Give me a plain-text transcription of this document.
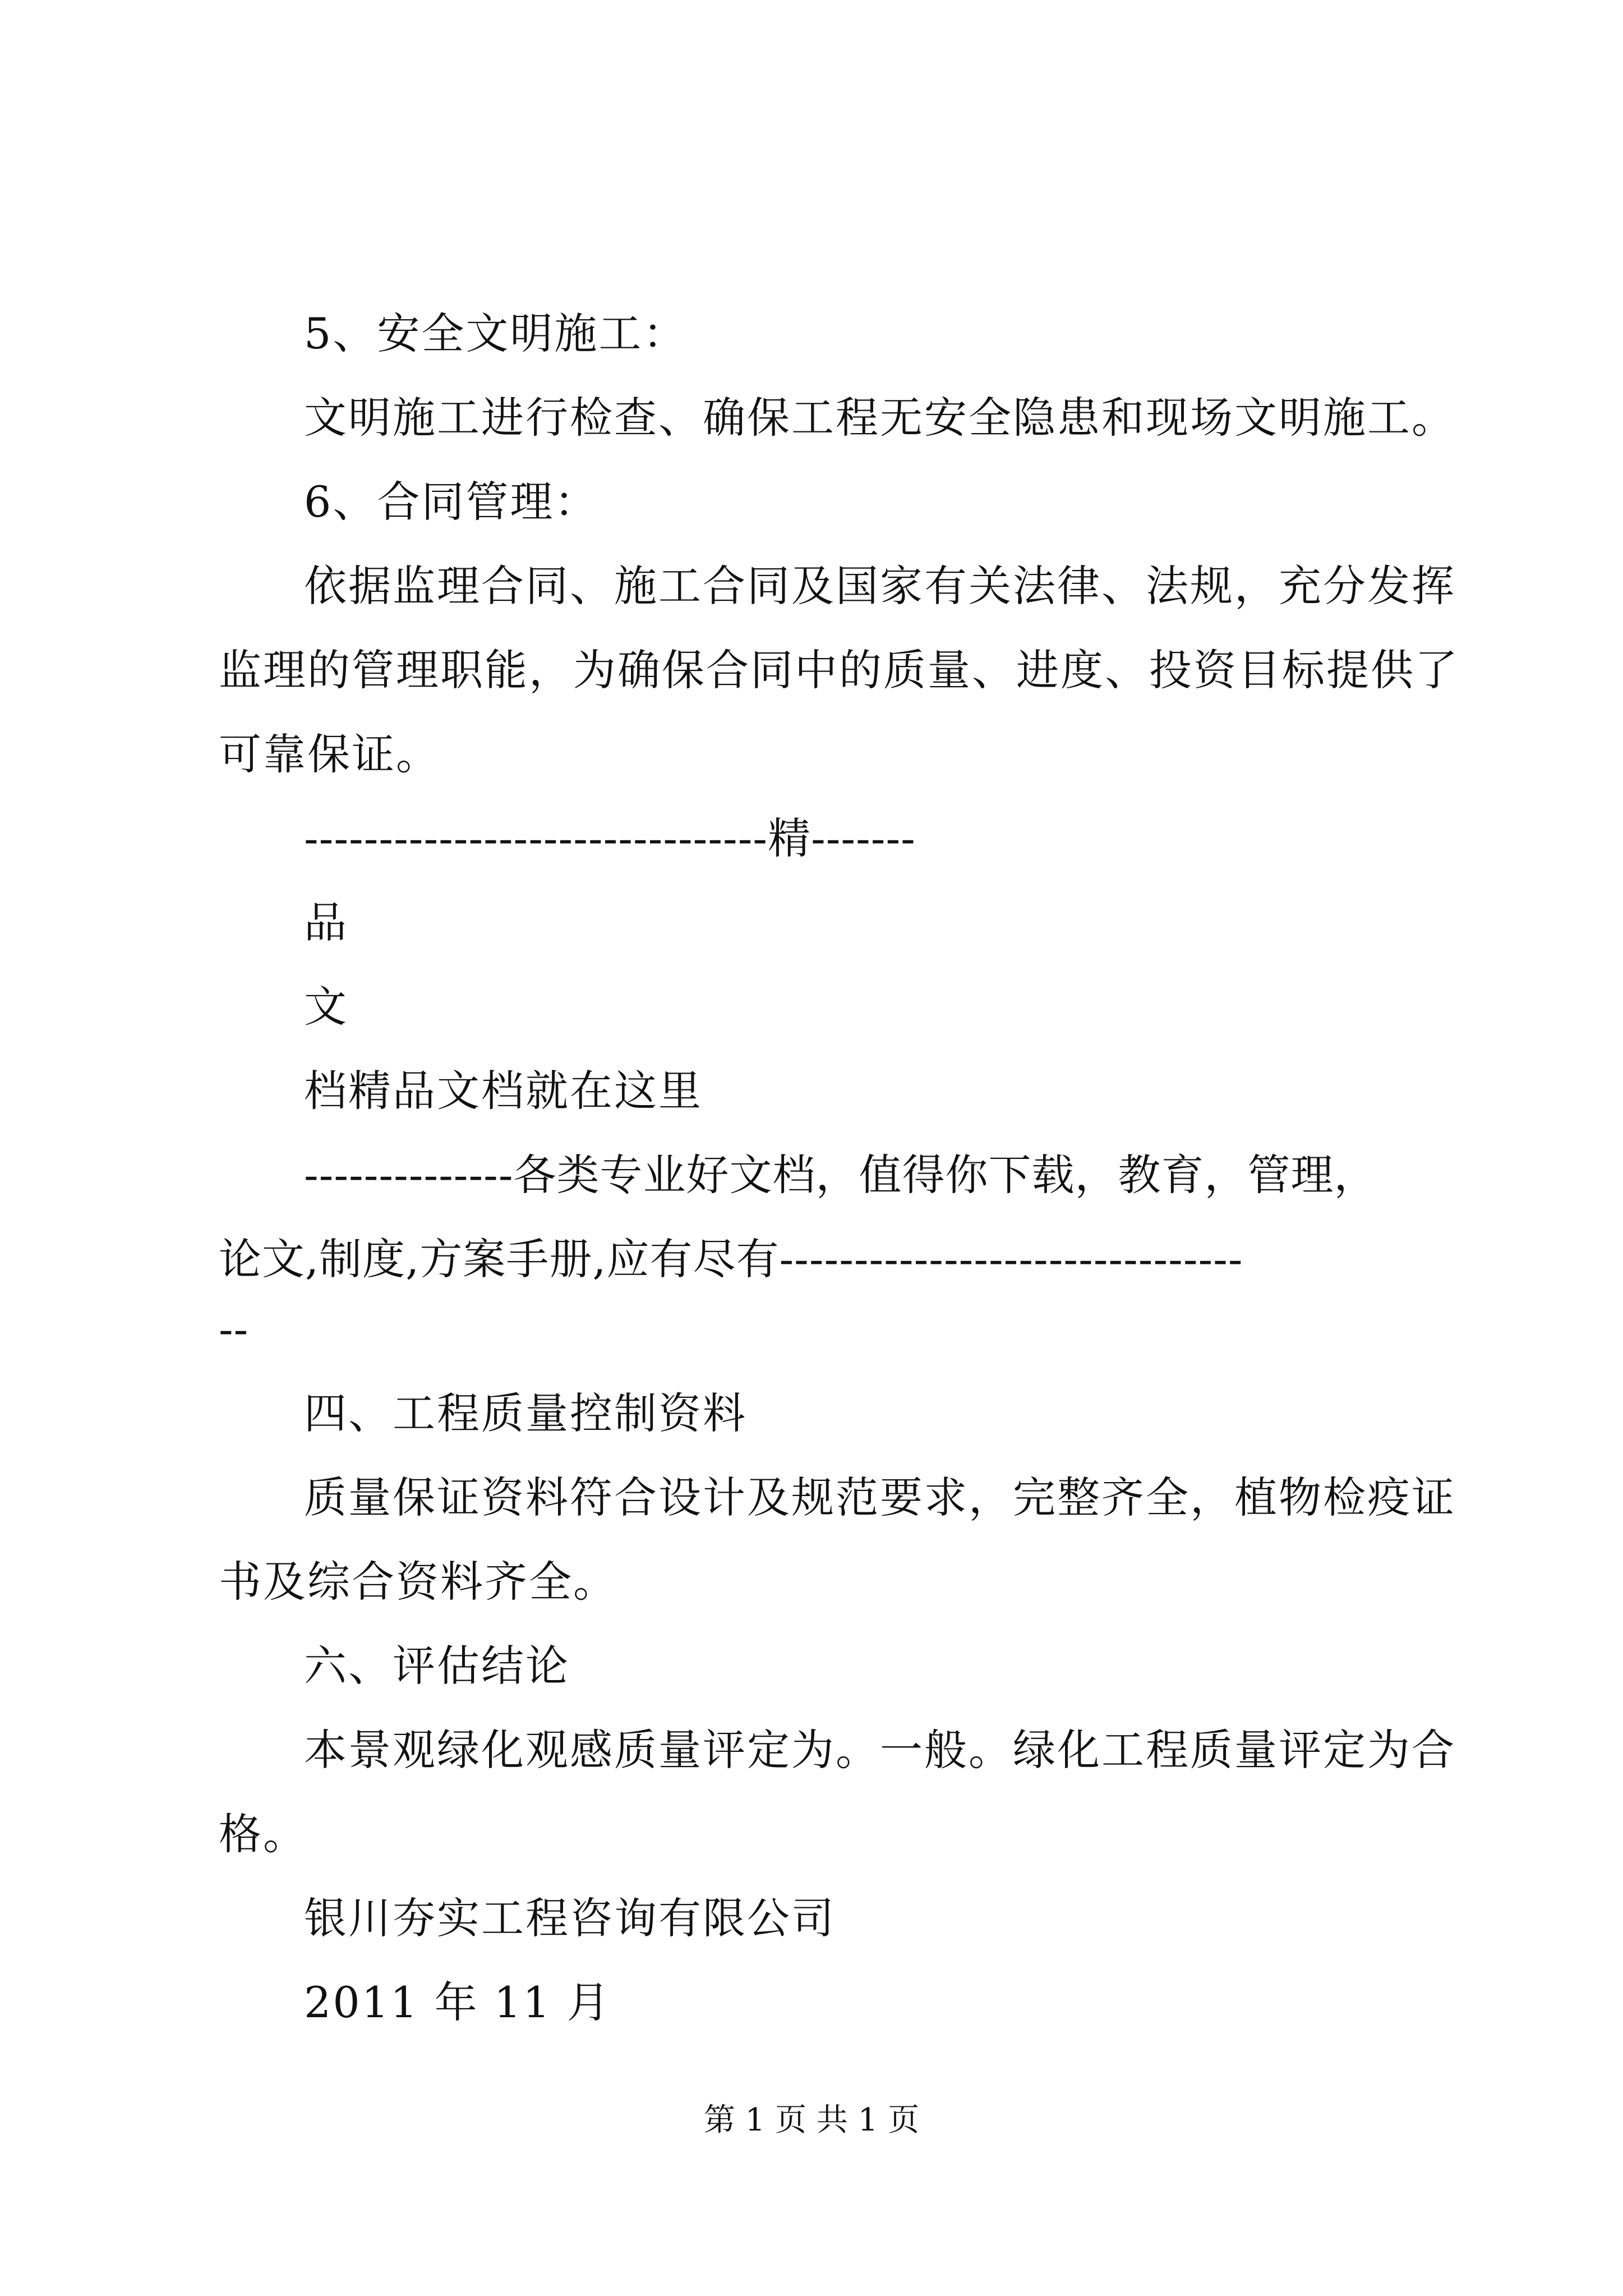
5、安全文明施工：
文明施工进行检查、确保工程无安全隐患和现场文明施工。
6、合同管理：
依据监理合同、施工合同及国家有关法律、法规，充分发挥
监理的管理职能，为确保合同中的质量、进度、投资目标提供了
可靠保证。
-------------------------------精-------
品
文
档精品文档就在这里
--------------各类专业好文档，值得你下载，教育，管理，
论文,制度,方案手册,应有尽有-------------------------------
--
四、工程质量控制资料
质量保证资料符合设计及规范要求，完整齐全，植物检疫证
书及综合资料齐全。
六、评估结论
本景观绿化观感质量评定为。一般。绿化工程质量评定为合
格。
银川夯实工程咨询有限公司
2011 年 11 月
第 1 页 共 1 页
